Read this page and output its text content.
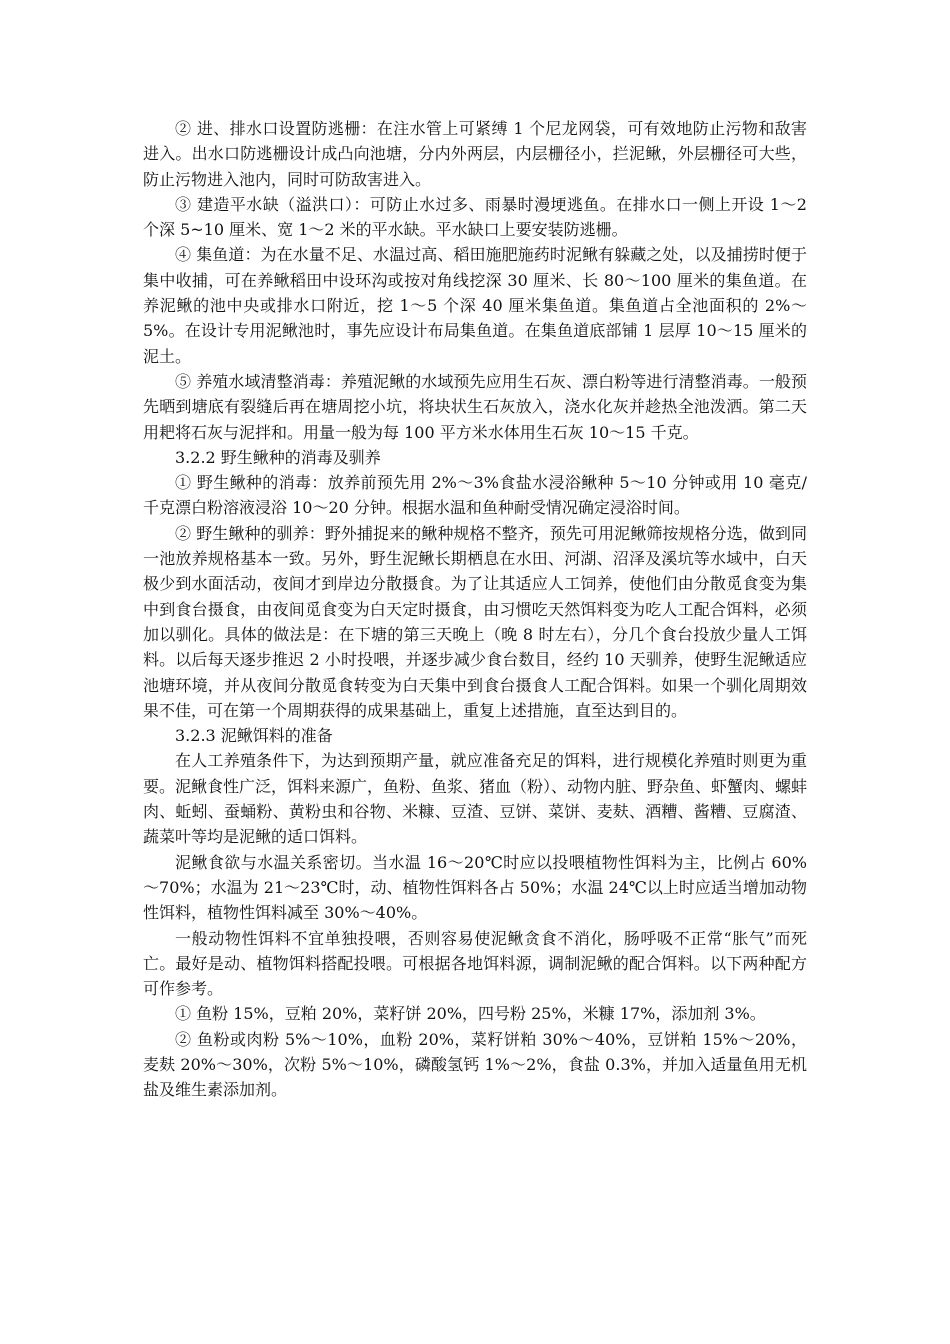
② 进、排水口设置防逃栅：在注水管上可紧缚 1 个尼龙网袋，可有效地防止污物和敌害进入。出水口防逃栅设计成凸向池塘，分内外两层，内层栅径小，拦泥鳅，外层栅径可大些，防止污物进入池内，同时可防敌害进入。

③ 建造平水缺（溢洪口）：可防止水过多、雨暴时漫埂逃鱼。在排水口一侧上开设 1～2 个深 5~10 厘米、宽 1～2 米的平水缺。平水缺口上要安装防逃栅。

④ 集鱼道：为在水量不足、水温过高、稻田施肥施药时泥鳅有躲藏之处，以及捕捞时便于集中收捕，可在养鳅稻田中设环沟或按对角线挖深 30 厘米、长 80～100 厘米的集鱼道。在养泥鳅的池中央或排水口附近，挖 1～5 个深 40 厘米集鱼道。集鱼道占全池面积的 2%～5%。在设计专用泥鳅池时，事先应设计布局集鱼道。在集鱼道底部铺 1 层厚 10～15 厘米的泥土。

⑤ 养殖水域清整消毒：养殖泥鳅的水域预先应用生石灰、漂白粉等进行清整消毒。一般预先晒到塘底有裂缝后再在塘周挖小坑，将块状生石灰放入，浇水化灰并趁热全池泼洒。第二天用耙将石灰与泥拌和。用量一般为每 100 平方米水体用生石灰 10～15 千克。

3.2.2 野生鳅种的消毒及驯养

① 野生鳅种的消毒：放养前预先用 2%～3%食盐水浸浴鳅种 5～10 分钟或用 10 毫克/千克漂白粉溶液浸浴 10～20 分钟。根据水温和鱼种耐受情况确定浸浴时间。

② 野生鳅种的驯养：野外捕捉来的鳅种规格不整齐，预先可用泥鳅筛按规格分选，做到同一池放养规格基本一致。另外，野生泥鳅长期栖息在水田、河湖、沼泽及溪坑等水域中，白天极少到水面活动，夜间才到岸边分散摄食。为了让其适应人工饲养，使他们由分散觅食变为集中到食台摄食，由夜间觅食变为白天定时摄食，由习惯吃天然饵料变为吃人工配合饵料，必须加以驯化。具体的做法是：在下塘的第三天晚上（晚 8 时左右），分几个食台投放少量人工饵料。以后每天逐步推迟 2 小时投喂，并逐步减少食台数目，经约 10 天驯养，使野生泥鳅适应池塘环境，并从夜间分散觅食转变为白天集中到食台摄食人工配合饵料。如果一个驯化周期效果不佳，可在第一个周期获得的成果基础上，重复上述措施，直至达到目的。

3.2.3 泥鳅饵料的准备

在人工养殖条件下，为达到预期产量，就应准备充足的饵料，进行规模化养殖时则更为重要。泥鳅食性广泛，饵料来源广，鱼粉、鱼浆、猪血（粉）、动物内脏、野杂鱼、虾蟹肉、螺蚌肉、蚯蚓、蚕蛹粉、黄粉虫和谷物、米糠、豆渣、豆饼、菜饼、麦麸、酒糟、酱糟、豆腐渣、蔬菜叶等均是泥鳅的适口饵料。

泥鳅食欲与水温关系密切。当水温 16～20℃时应以投喂植物性饵料为主，比例占 60%～70%；水温为 21～23℃时，动、植物性饵料各占 50%；水温 24℃以上时应适当增加动物性饵料，植物性饵料减至 30%～40%。

一般动物性饵料不宜单独投喂，否则容易使泥鳅贪食不消化，肠呼吸不正常“胀气”而死亡。最好是动、植物饵料搭配投喂。可根据各地饵料源，调制泥鳅的配合饵料。以下两种配方可作参考。

① 鱼粉 15%，豆粕 20%，菜籽饼 20%，四号粉 25%，米糠 17%，添加剂 3%。

② 鱼粉或肉粉 5%～10%，血粉 20%，菜籽饼粕 30%～40%，豆饼粕 15%～20%，麦麸 20%～30%，次粉 5%～10%，磷酸氢钙 1%～2%，食盐 0.3%，并加入适量鱼用无机盐及维生素添加剂。
